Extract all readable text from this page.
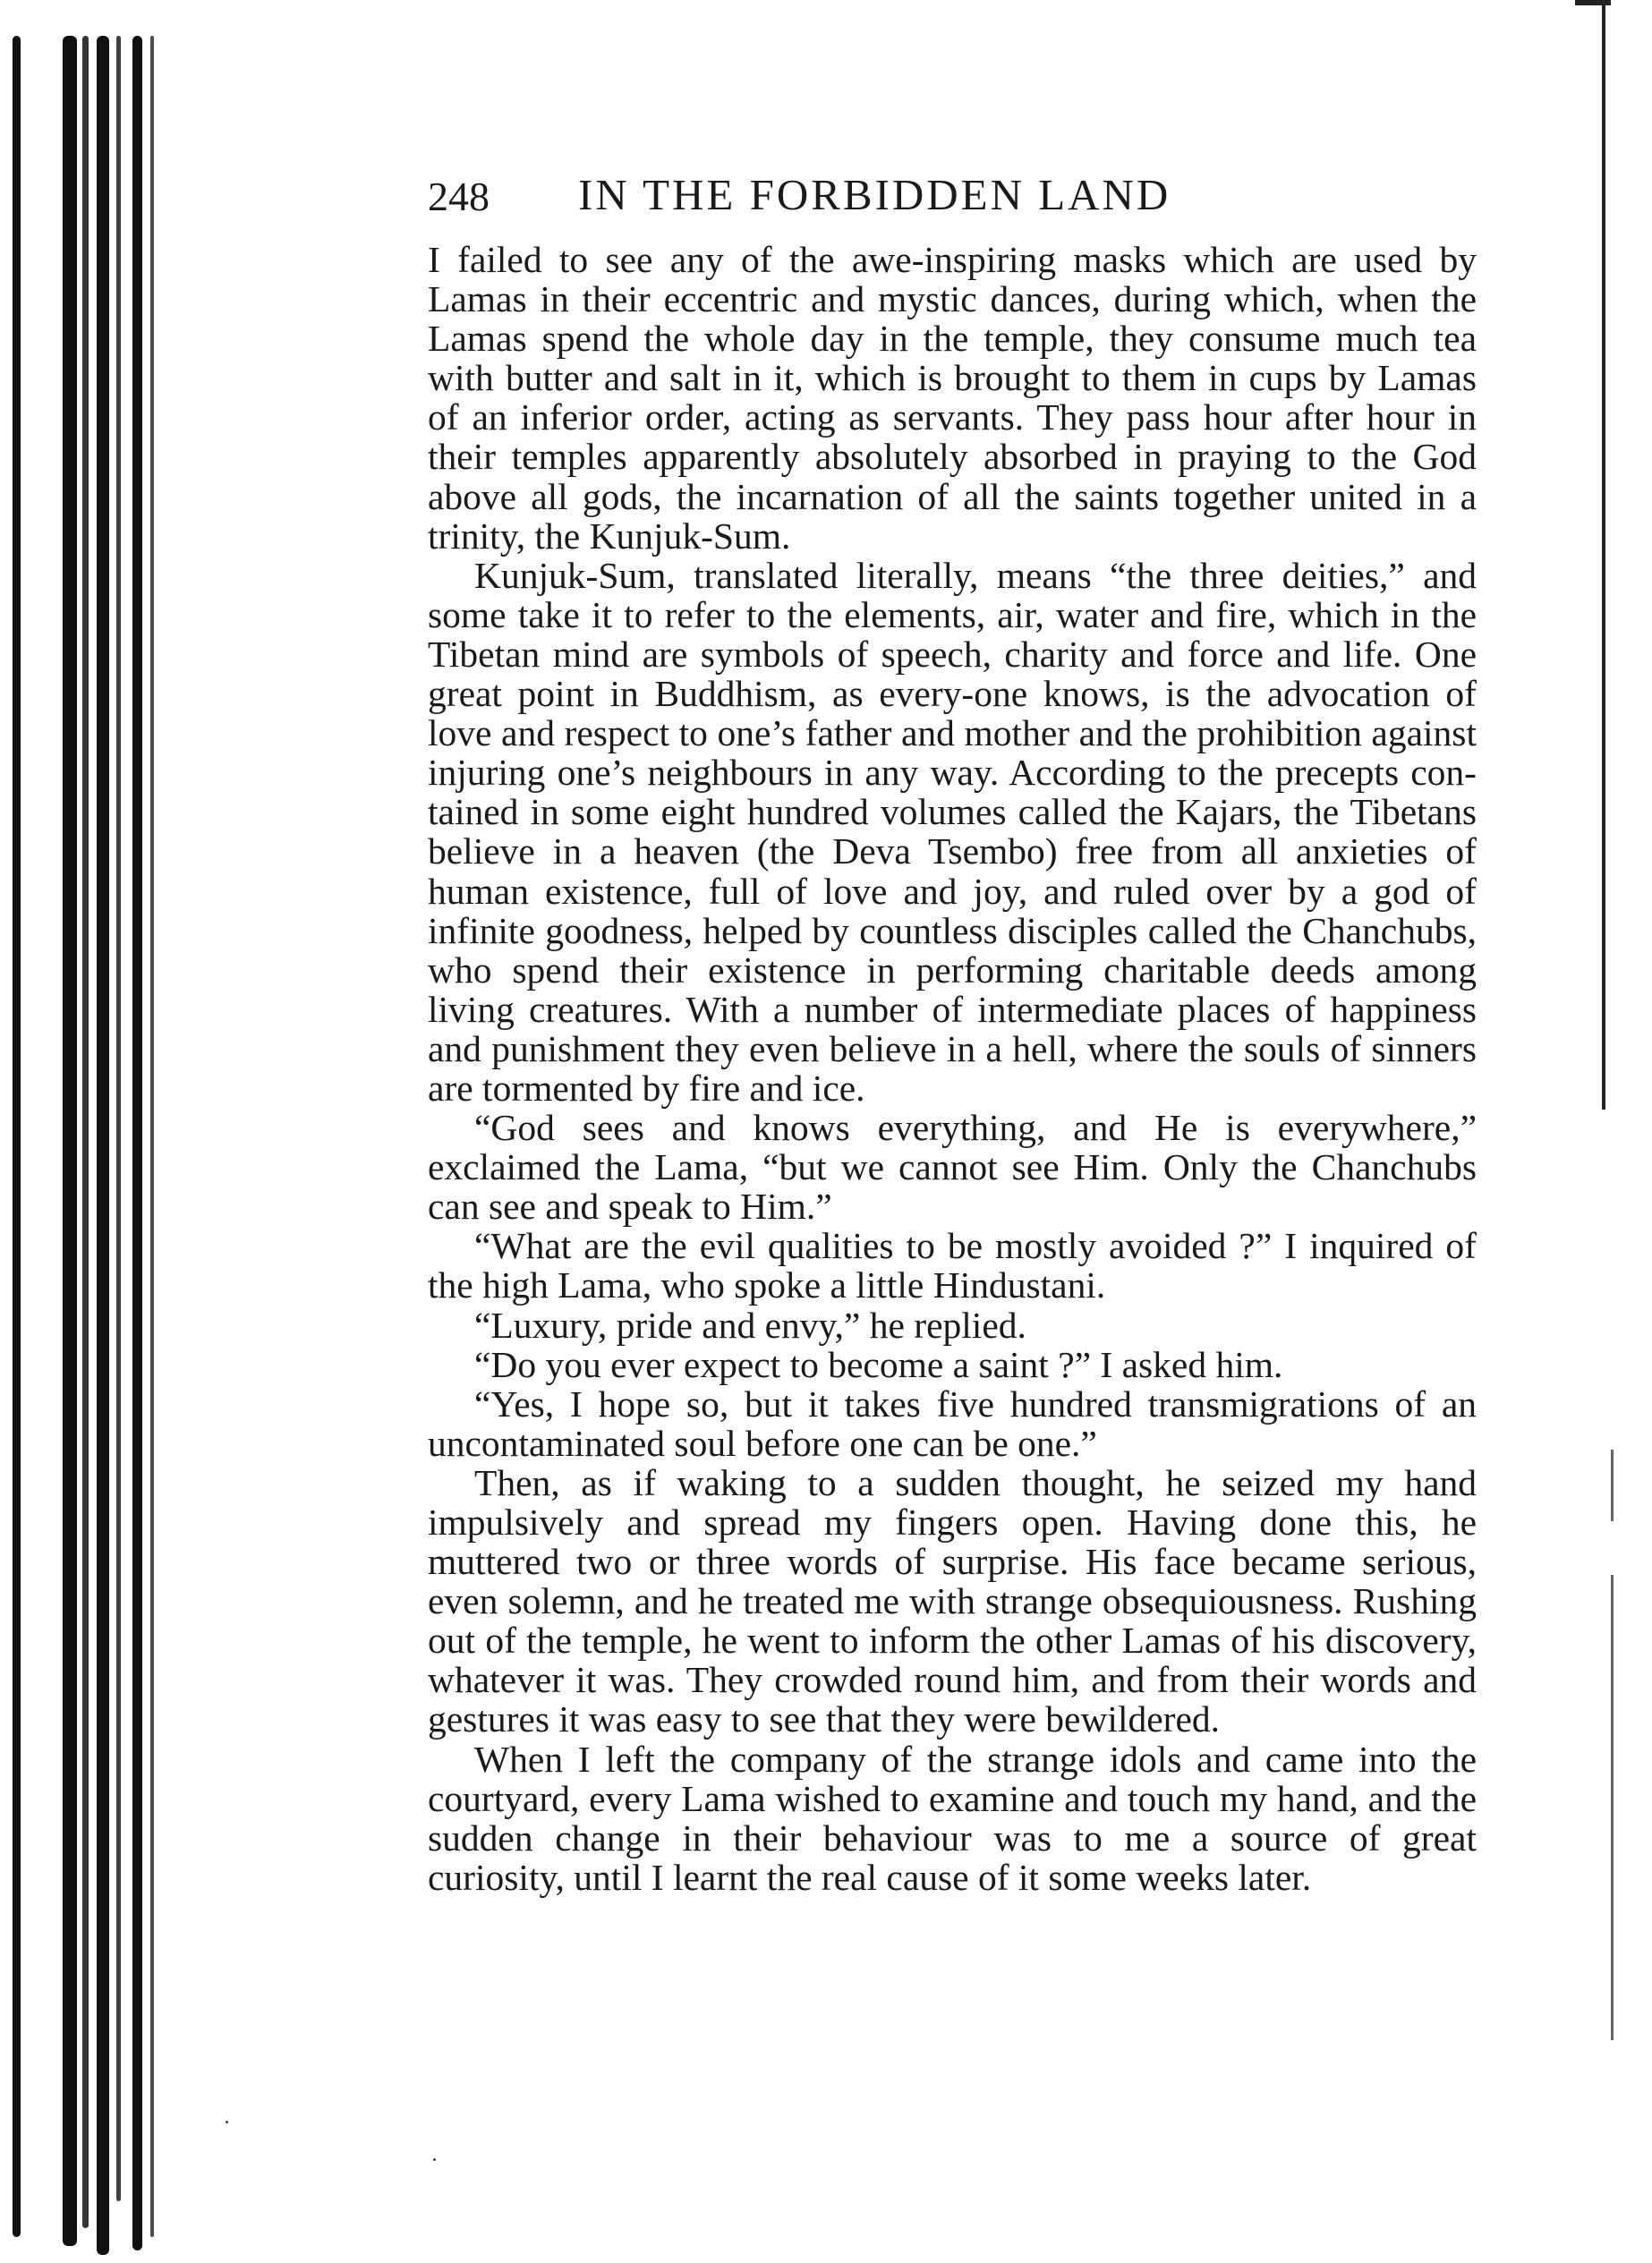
248 IN THE FORBIDDEN LAND

I failed to see any of the awe-inspiring masks which are used by Lamas in their eccentric and mystic dances, during which, when the Lamas spend the whole day in the temple, they consume much tea with butter and salt in it, which is brought to them in cups by Lamas of an inferior order, acting as servants. They pass hour after hour in their temples apparently absolutely absorbed in praying to the God above all gods, the incarnation of all the saints together united in a trinity, the Kunjuk-Sum.

Kunjuk-Sum, translated literally, means “the three deities,” and some take it to refer to the elements, air, water and fire, which in the Tibetan mind are symbols of speech, charity and force and life. One great point in Buddhism, as every-one knows, is the advocation of love and respect to one’s father and mother and the prohibition against injuring one’s neighbours in any way. According to the precepts con-tained in some eight hundred volumes called the Kajars, the Tibetans believe in a heaven (the Deva Tsembo) free from all anxieties of human existence, full of love and joy, and ruled over by a god of infinite goodness, helped by countless disciples called the Chanchubs, who spend their existence in performing charitable deeds among living creatures. With a number of intermediate places of happiness and punishment they even believe in a hell, where the souls of sinners are tormented by fire and ice.

“God sees and knows everything, and He is everywhere,” exclaimed the Lama, “but we cannot see Him. Only the Chanchubs can see and speak to Him.”

“What are the evil qualities to be mostly avoided ?” I inquired of the high Lama, who spoke a little Hindustani.

“Luxury, pride and envy,” he replied.

“Do you ever expect to become a saint ?” I asked him.

“Yes, I hope so, but it takes five hundred transmigrations of an uncontaminated soul before one can be one.”

Then, as if waking to a sudden thought, he seized my hand impulsively and spread my fingers open. Having done this, he muttered two or three words of surprise. His face became serious, even solemn, and he treated me with strange obsequiousness. Rushing out of the temple, he went to inform the other Lamas of his discovery, whatever it was. They crowded round him, and from their words and gestures it was easy to see that they were bewildered.

When I left the company of the strange idols and came into the courtyard, every Lama wished to examine and touch my hand, and the sudden change in their behaviour was to me a source of great curiosity, until I learnt the real cause of it some weeks later.
